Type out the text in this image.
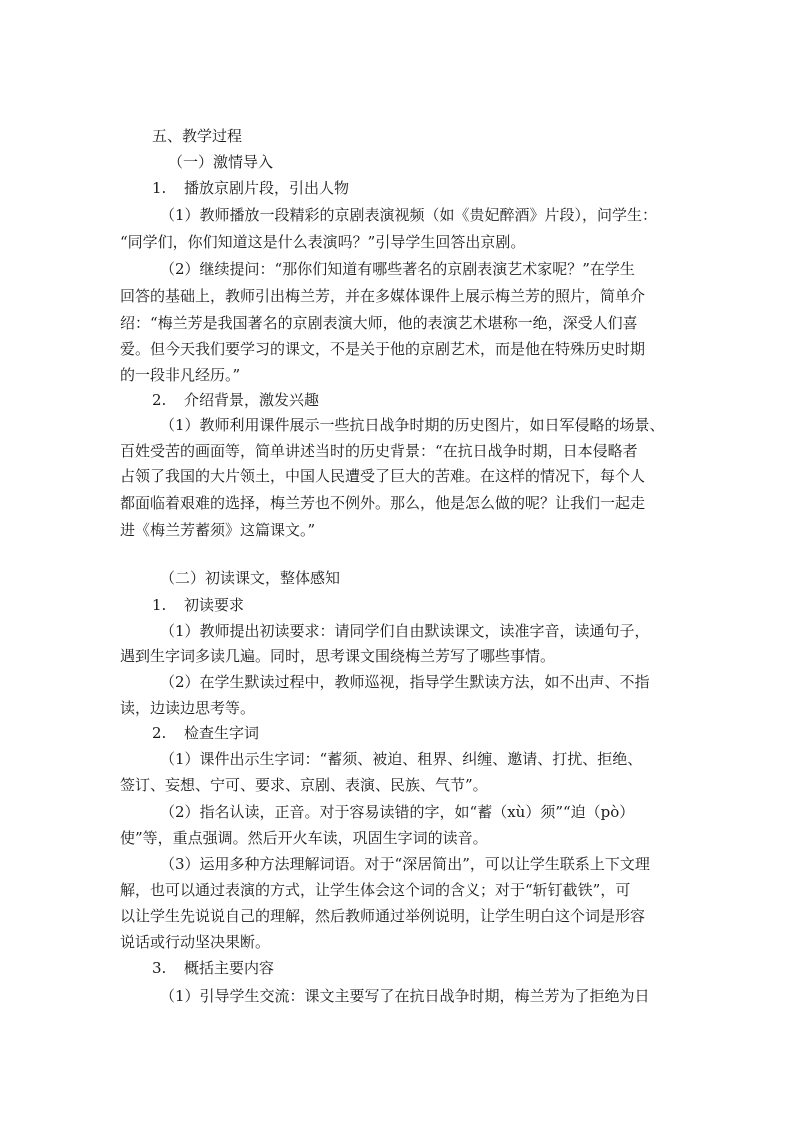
五、教学过程
（一）激情导入
1. 播放京剧片段，引出人物
（1）教师播放一段精彩的京剧表演视频（如《贵妃醉酒》片段），问学生：
“同学们，你们知道这是什么表演吗？”引导学生回答出京剧。
（2）继续提问：“那你们知道有哪些著名的京剧表演艺术家呢？”在学生
回答的基础上，教师引出梅兰芳，并在多媒体课件上展示梅兰芳的照片，简单介
绍：“梅兰芳是我国著名的京剧表演大师，他的表演艺术堪称一绝，深受人们喜
爱。但今天我们要学习的课文，不是关于他的京剧艺术，而是他在特殊历史时期
的一段非凡经历。”
2. 介绍背景，激发兴趣
（1）教师利用课件展示一些抗日战争时期的历史图片，如日军侵略的场景、
百姓受苦的画面等，简单讲述当时的历史背景：“在抗日战争时期，日本侵略者
占领了我国的大片领土，中国人民遭受了巨大的苦难。在这样的情况下，每个人
都面临着艰难的选择，梅兰芳也不例外。那么，他是怎么做的呢？让我们一起走
进《梅兰芳蓄须》这篇课文。”
（二）初读课文，整体感知
1. 初读要求
（1）教师提出初读要求：请同学们自由默读课文，读准字音，读通句子，
遇到生字词多读几遍。同时，思考课文围绕梅兰芳写了哪些事情。
（2）在学生默读过程中，教师巡视，指导学生默读方法，如不出声、不指
读，边读边思考等。
2. 检查生字词
（1）课件出示生字词：“蓄须、被迫、租界、纠缠、邀请、打扰、拒绝、
签订、妄想、宁可、要求、京剧、表演、民族、气节”。
（2）指名认读，正音。对于容易读错的字，如“蓄（xù）须”“迫（pò）
使”等，重点强调。然后开火车读，巩固生字词的读音。
（3）运用多种方法理解词语。对于“深居简出”，可以让学生联系上下文理
解，也可以通过表演的方式，让学生体会这个词的含义；对于“斩钉截铁”，可
以让学生先说说自己的理解，然后教师通过举例说明，让学生明白这个词是形容
说话或行动坚决果断。
3. 概括主要内容
（1）引导学生交流：课文主要写了在抗日战争时期，梅兰芳为了拒绝为日
